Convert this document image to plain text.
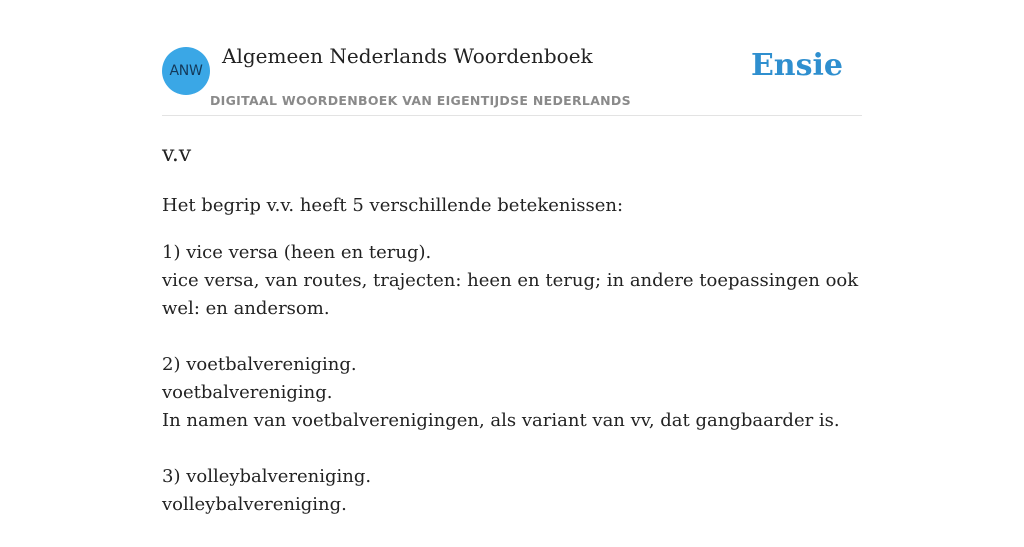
ANW
Algemeen Nederlands Woordenboek
DIGITAAL WOORDENBOEK VAN EIGENTIJDSE NEDERLANDS
Ensie
v.v

Het begrip v.v. heeft 5 verschillende betekenissen:

1) vice versa (heen en terug).
vice versa, van routes, trajecten: heen en terug; in andere toepassingen ook wel: en andersom.
2) voetbalvereniging.
voetbalvereniging.
In namen van voetbalverenigingen, als variant van vv, dat gangbaarder is.
3) volleybalvereniging.
volleybalvereniging.
